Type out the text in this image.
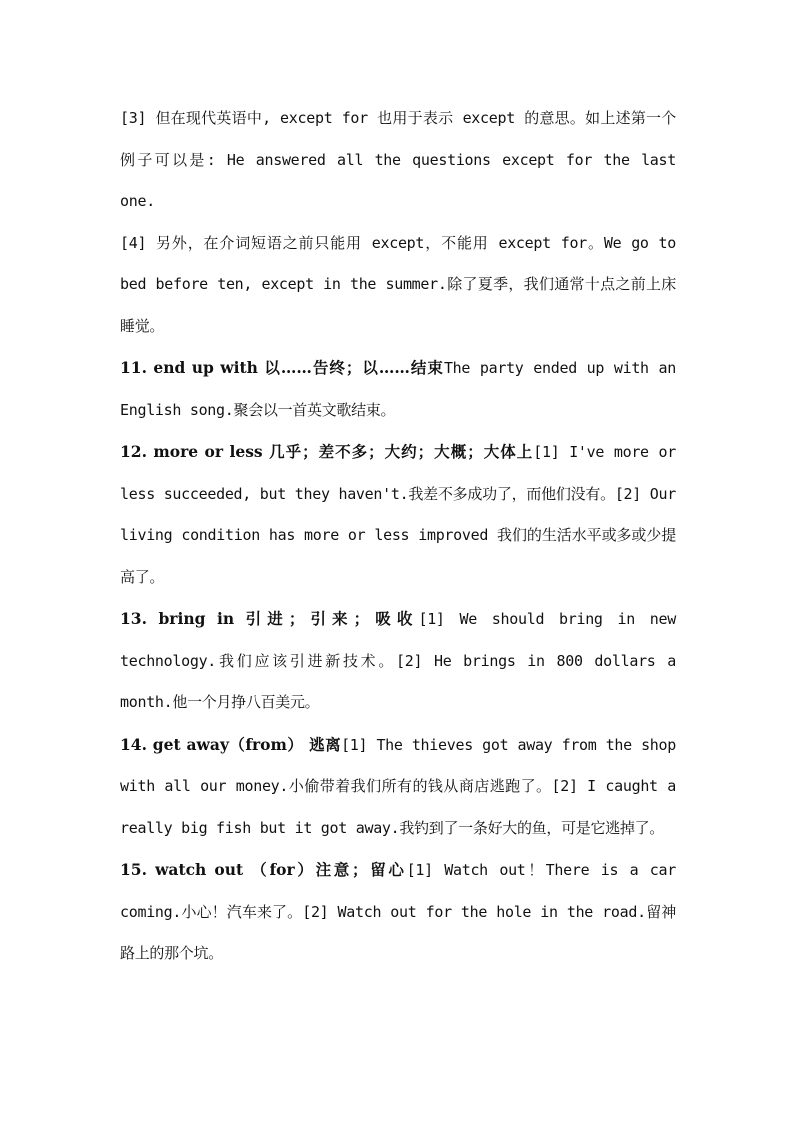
[3] 但在现代英语中, except for 也用于表示 except 的意思。如上述第一个例子可以是: He answered all the questions except for the last one.

[4] 另外，在介词短语之前只能用 except，不能用 except for。We go to bed before ten, except in the summer.除了夏季，我们通常十点之前上床睡觉。

11. end up with 以……告终；以……结束The party ended up with an English song.聚会以一首英文歌结束。

12. more or less 几乎；差不多；大约；大概；大体上[1] I've more or less succeeded, but they haven't.我差不多成功了，而他们没有。[2] Our living condition has more or less improved 我们的生活水平或多或少提高了。

13. bring in 引进；引来；吸收[1] We should bring in new technology.我们应该引进新技术。[2] He brings in 800 dollars a month.他一个月挣八百美元。

14. get away（from） 逃离[1] The thieves got away from the shop with all our money.小偷带着我们所有的钱从商店逃跑了。[2] I caught a really big fish but it got away.我钓到了一条好大的鱼，可是它逃掉了。

15. watch out （for）注意；留心[1] Watch out！There is a car coming.小心！汽车来了。[2] Watch out for the hole in the road.留神路上的那个坑。
